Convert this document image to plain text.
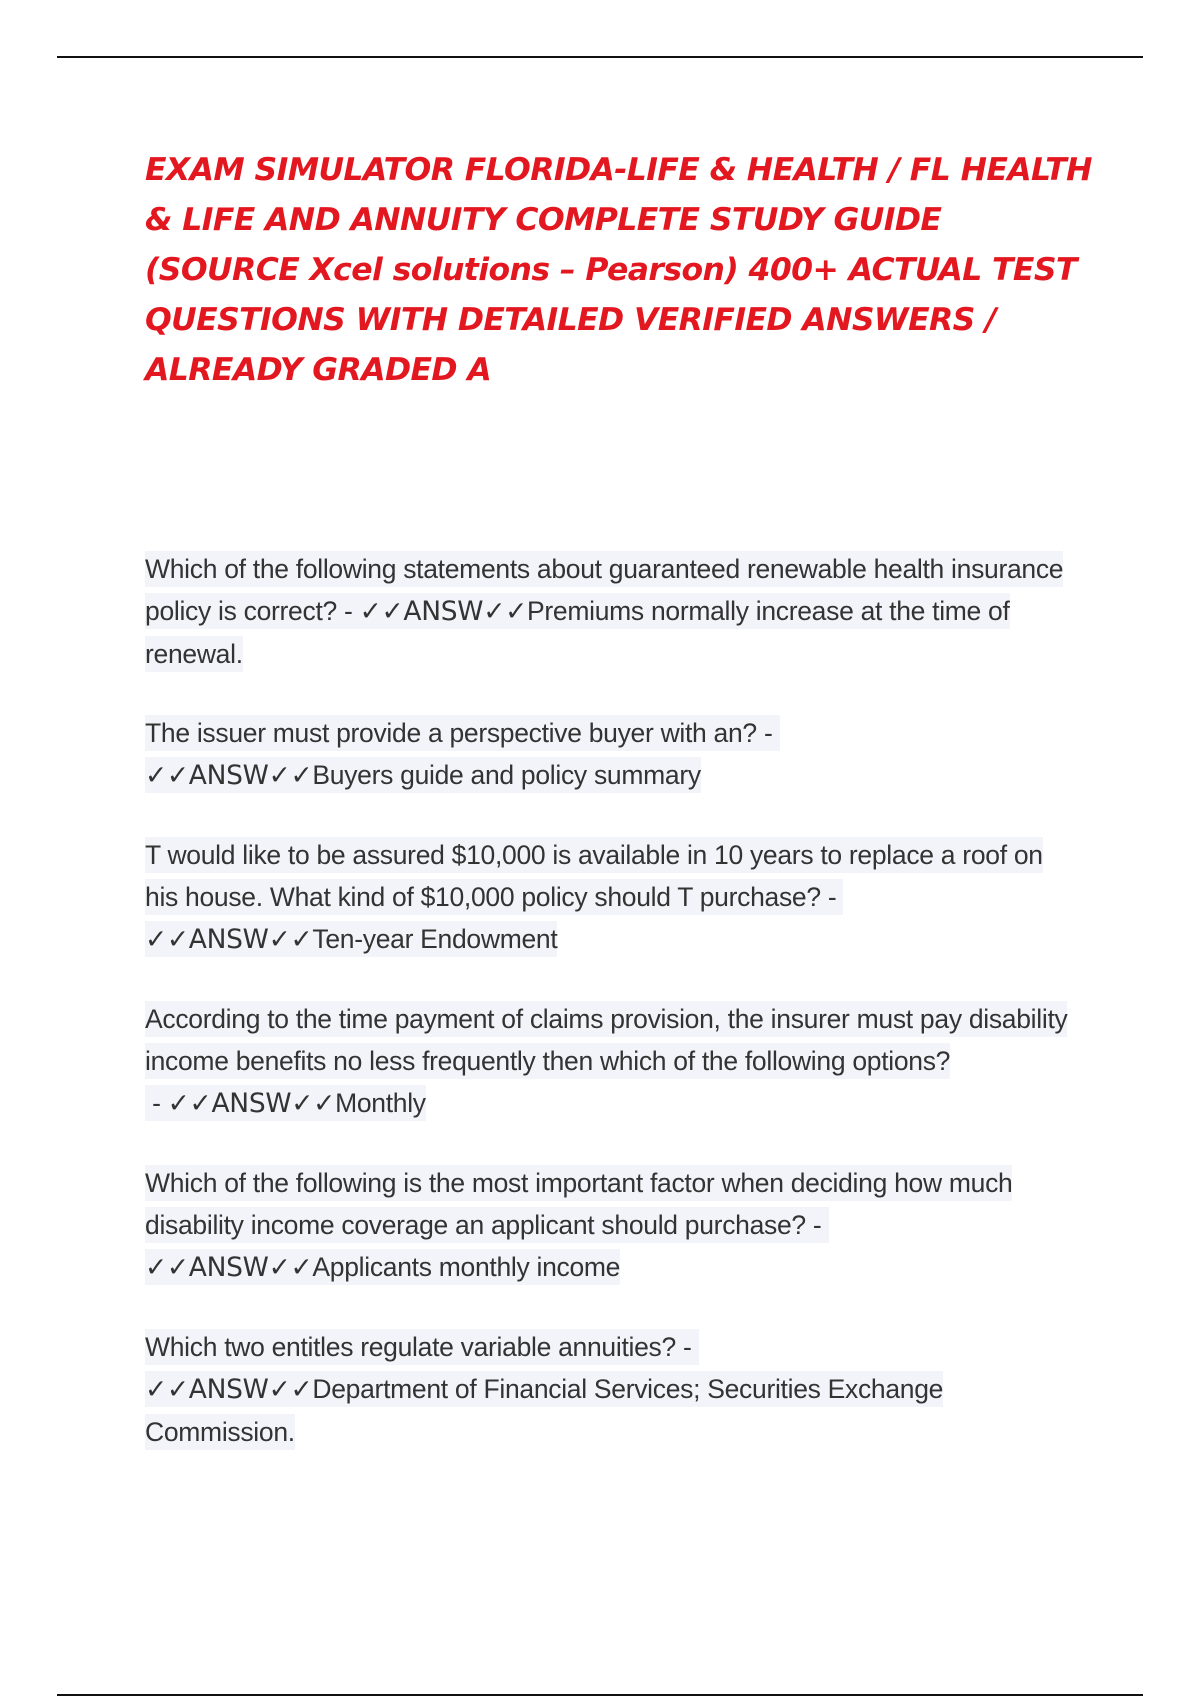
EXAM SIMULATOR FLORIDA-LIFE & HEALTH / FL HEALTH & LIFE AND ANNUITY COMPLETE STUDY GUIDE (SOURCE Xcel solutions – Pearson) 400+ ACTUAL TEST QUESTIONS WITH DETAILED VERIFIED ANSWERS / ALREADY GRADED A

Which of the following statements about guaranteed renewable health insurance policy is correct? - ✓✓ANSW✓✓Premiums normally increase at the time of renewal.

The issuer must provide a perspective buyer with an? -
✓✓ANSW✓✓Buyers guide and policy summary

T would like to be assured $10,000 is available in 10 years to replace a roof on his house. What kind of $10,000 policy should T purchase? -
✓✓ANSW✓✓Ten-year Endowment

According to the time payment of claims provision, the insurer must pay disability income benefits no less frequently then which of the following options? - ✓✓ANSW✓✓Monthly

Which of the following is the most important factor when deciding how much disability income coverage an applicant should purchase? -
✓✓ANSW✓✓Applicants monthly income

Which two entitles regulate variable annuities? -
✓✓ANSW✓✓Department of Financial Services; Securities Exchange Commission.
